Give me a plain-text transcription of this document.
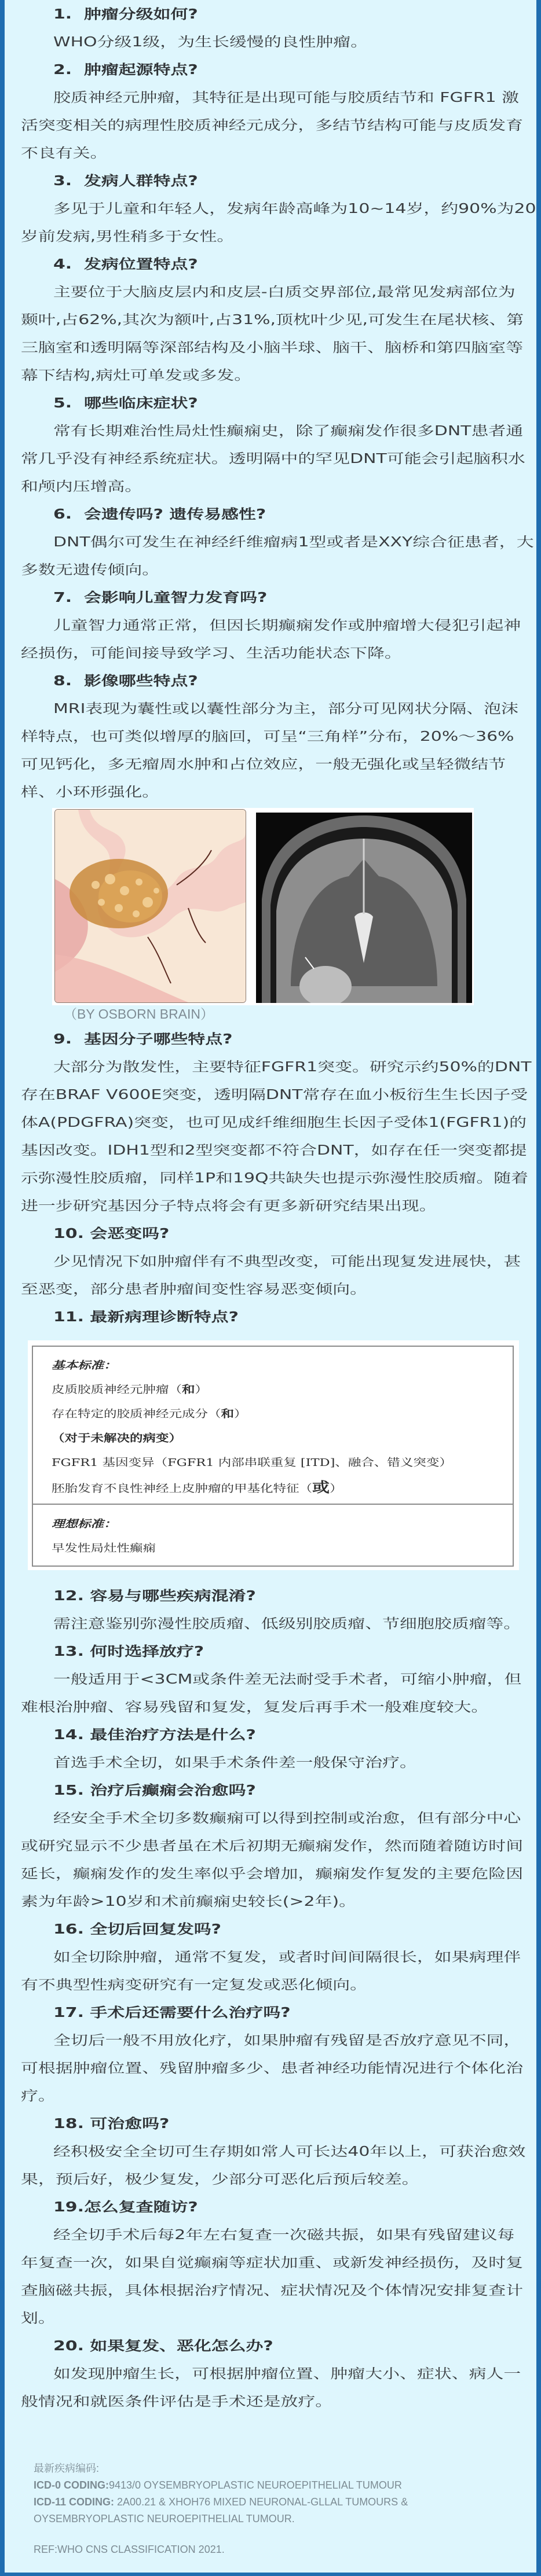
1.  肿瘤分级如何?
WHO分级1级，为生长缓慢的良性肿瘤。
2.  肿瘤起源特点?
胶质神经元肿瘤，其特征是出现可能与胶质结节和 FGFR1 激
活突变相关的病理性胶质神经元成分，多结节结构可能与皮质发育
不良有关。
3.  发病人群特点?
多见于儿童和年轻人，发病年龄高峰为10~14岁，约90%为20
岁前发病,男性稍多于女性。
4.  发病位置特点?
主要位于大脑皮层内和皮层-白质交界部位,最常见发病部位为
颞叶,占62%,其次为额叶,占31%,顶枕叶少见,可发生在尾状核、第
三脑室和透明隔等深部结构及小脑半球、脑干、脑桥和第四脑室等
幕下结构,病灶可单发或多发。
5.  哪些临床症状?
常有长期难治性局灶性癫痫史，除了癫痫发作很多DNT患者通
常几乎没有神经系统症状。透明隔中的罕见DNT可能会引起脑积水
和颅内压增高。
6.  会遗传吗? 遗传易感性?
DNT偶尔可发生在神经纤维瘤病1型或者是XXY综合征患者，大
多数无遗传倾向。
7.  会影响儿童智力发育吗?
儿童智力通常正常，但因长期癫痫发作或肿瘤增大侵犯引起神
经损伤，可能间接导致学习、生活功能状态下降。
8.  影像哪些特点?
MRI表现为囊性或以囊性部分为主，部分可见网状分隔、泡沫
样特点，也可类似增厚的脑回，可呈“三角样”分布，20%～36%
可见钙化，多无瘤周水肿和占位效应，一般无强化或呈轻微结节
样、小环形强化。
（BY OSBORN BRAIN）
9.  基因分子哪些特点?
大部分为散发性，主要特征FGFR1突变。研究示约50%的DNT
存在BRAF V600E突变，透明隔DNT常存在血小板衍生生长因子受
体A(PDGFRA)突变，也可见成纤维细胞生长因子受体1(FGFR1)的
基因改变。IDH1型和2型突变都不符合DNT，如存在任一突变都提
示弥漫性胶质瘤，同样1P和19Q共缺失也提示弥漫性胶质瘤。随着
进一步研究基因分子特点将会有更多新研究结果出现。
10. 会恶变吗?
少见情况下如肿瘤伴有不典型改变，可能出现复发进展快，甚
至恶变，部分患者肿瘤间变性容易恶变倾向。
11. 最新病理诊断特点?
基本标准：
皮质胶质神经元肿瘤（和）
存在特定的胶质神经元成分（和）
（对于未解决的病变）
FGFR1 基因变异（FGFR1 内部串联重复 [ITD]、融合、错义突变）
胚胎发育不良性神经上皮肿瘤的甲基化特征（或）
理想标准：
早发性局灶性癫痫
12. 容易与哪些疾病混淆?
需注意鉴别弥漫性胶质瘤、低级别胶质瘤、节细胞胶质瘤等。
13. 何时选择放疗?
一般适用于<3CM或条件差无法耐受手术者，可缩小肿瘤，但
难根治肿瘤、容易残留和复发，复发后再手术一般难度较大。
14. 最佳治疗方法是什么?
首选手术全切，如果手术条件差一般保守治疗。
15. 治疗后癫痫会治愈吗?
经安全手术全切多数癫痫可以得到控制或治愈，但有部分中心
或研究显示不少患者虽在术后初期无癫痫发作，然而随着随访时间
延长，癫痫发作的发生率似乎会增加，癫痫发作复发的主要危险因
素为年龄>10岁和术前癫痫史较长(>2年)。
16. 全切后回复发吗?
如全切除肿瘤，通常不复发，或者时间间隔很长，如果病理伴
有不典型性病变研究有一定复发或恶化倾向。
17. 手术后还需要什么治疗吗?
全切后一般不用放化疗，如果肿瘤有残留是否放疗意见不同，
可根据肿瘤位置、残留肿瘤多少、患者神经功能情况进行个体化治
疗。
18. 可治愈吗?
经积极安全全切可生存期如常人可长达40年以上，可获治愈效
果，预后好，极少复发，少部分可恶化后预后较差。
19.怎么复查随访?
经全切手术后每2年左右复查一次磁共振，如果有残留建议每
年复查一次，如果自觉癫痫等症状加重、或新发神经损伤，及时复
查脑磁共振，具体根据治疗情况、症状情况及个体情况安排复查计
划。
20. 如果复发、恶化怎么办?
如发现肿瘤生长，可根据肿瘤位置、肿瘤大小、症状、病人一
般情况和就医条件评估是手术还是放疗。
最新疾病编码:
ICD-0 CODING:9413/0 OYSEMBRYOPLASTIC NEUROEPITHELIAL TUMOUR
ICD-11 CODING: 2A00.21 & XHOH76 MIXED NEURONAL-GLLAL TUMOURS &
OYSEMBRYOPLASTIC NEUROEPITHELIAL TUMOUR.
REF:WHO CNS CLASSIFICATION 2021.
